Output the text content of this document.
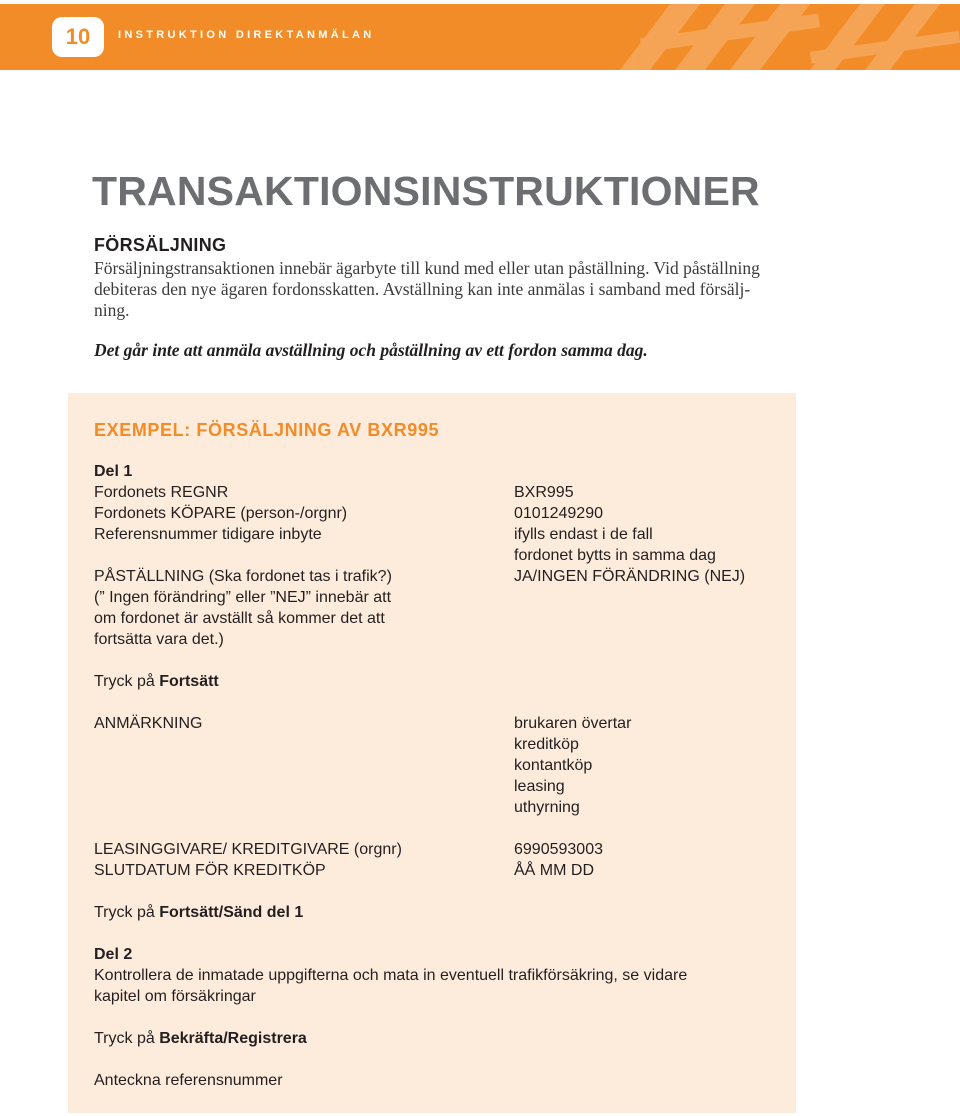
10	INSTRUKTION DIREKTANMÄLAN
TRANSAKTIONSINSTRUKTIONER
FÖRSÄLJNING
Försäljningstransaktionen innebär ägarbyte till kund med eller utan påställning. Vid påställning
debiteras den nye ägaren fordonsskatten. Avställning kan inte anmälas i samband med försälj-
ning.
Det går inte att anmäla avställning och påställning av ett fordon samma dag.
EXEMPEL: FÖRSÄLJNING AV BXR995
Del 1
Fordonets REGNR	BXR995
Fordonets KÖPARE (person-/orgnr)	0101249290
Referensnummer tidigare inbyte	ifylls endast i de fall
fordonet bytts in samma dag
PÅSTÄLLNING (Ska fordonet tas i trafik?)	JA/INGEN FÖRÄNDRING (NEJ)
(” Ingen förändring” eller ”NEJ” innebär att
om fordonet är avställt så kommer det att
fortsätta vara det.)
Tryck på Fortsätt
ANMÄRKNING	brukaren övertar
kreditköp
kontantköp
leasing
uthyrning
LEASINGGIVARE/ KREDITGIVARE (orgnr)	6990593003
SLUTDATUM FÖR KREDITKÖP	ÅÅ MM DD
Tryck på Fortsätt/Sänd del 1
Del 2
Kontrollera de inmatade uppgifterna och mata in eventuell trafikförsäkring, se vidare
kapitel om försäkringar
Tryck på Bekräfta/Registrera
Anteckna referensnummer
